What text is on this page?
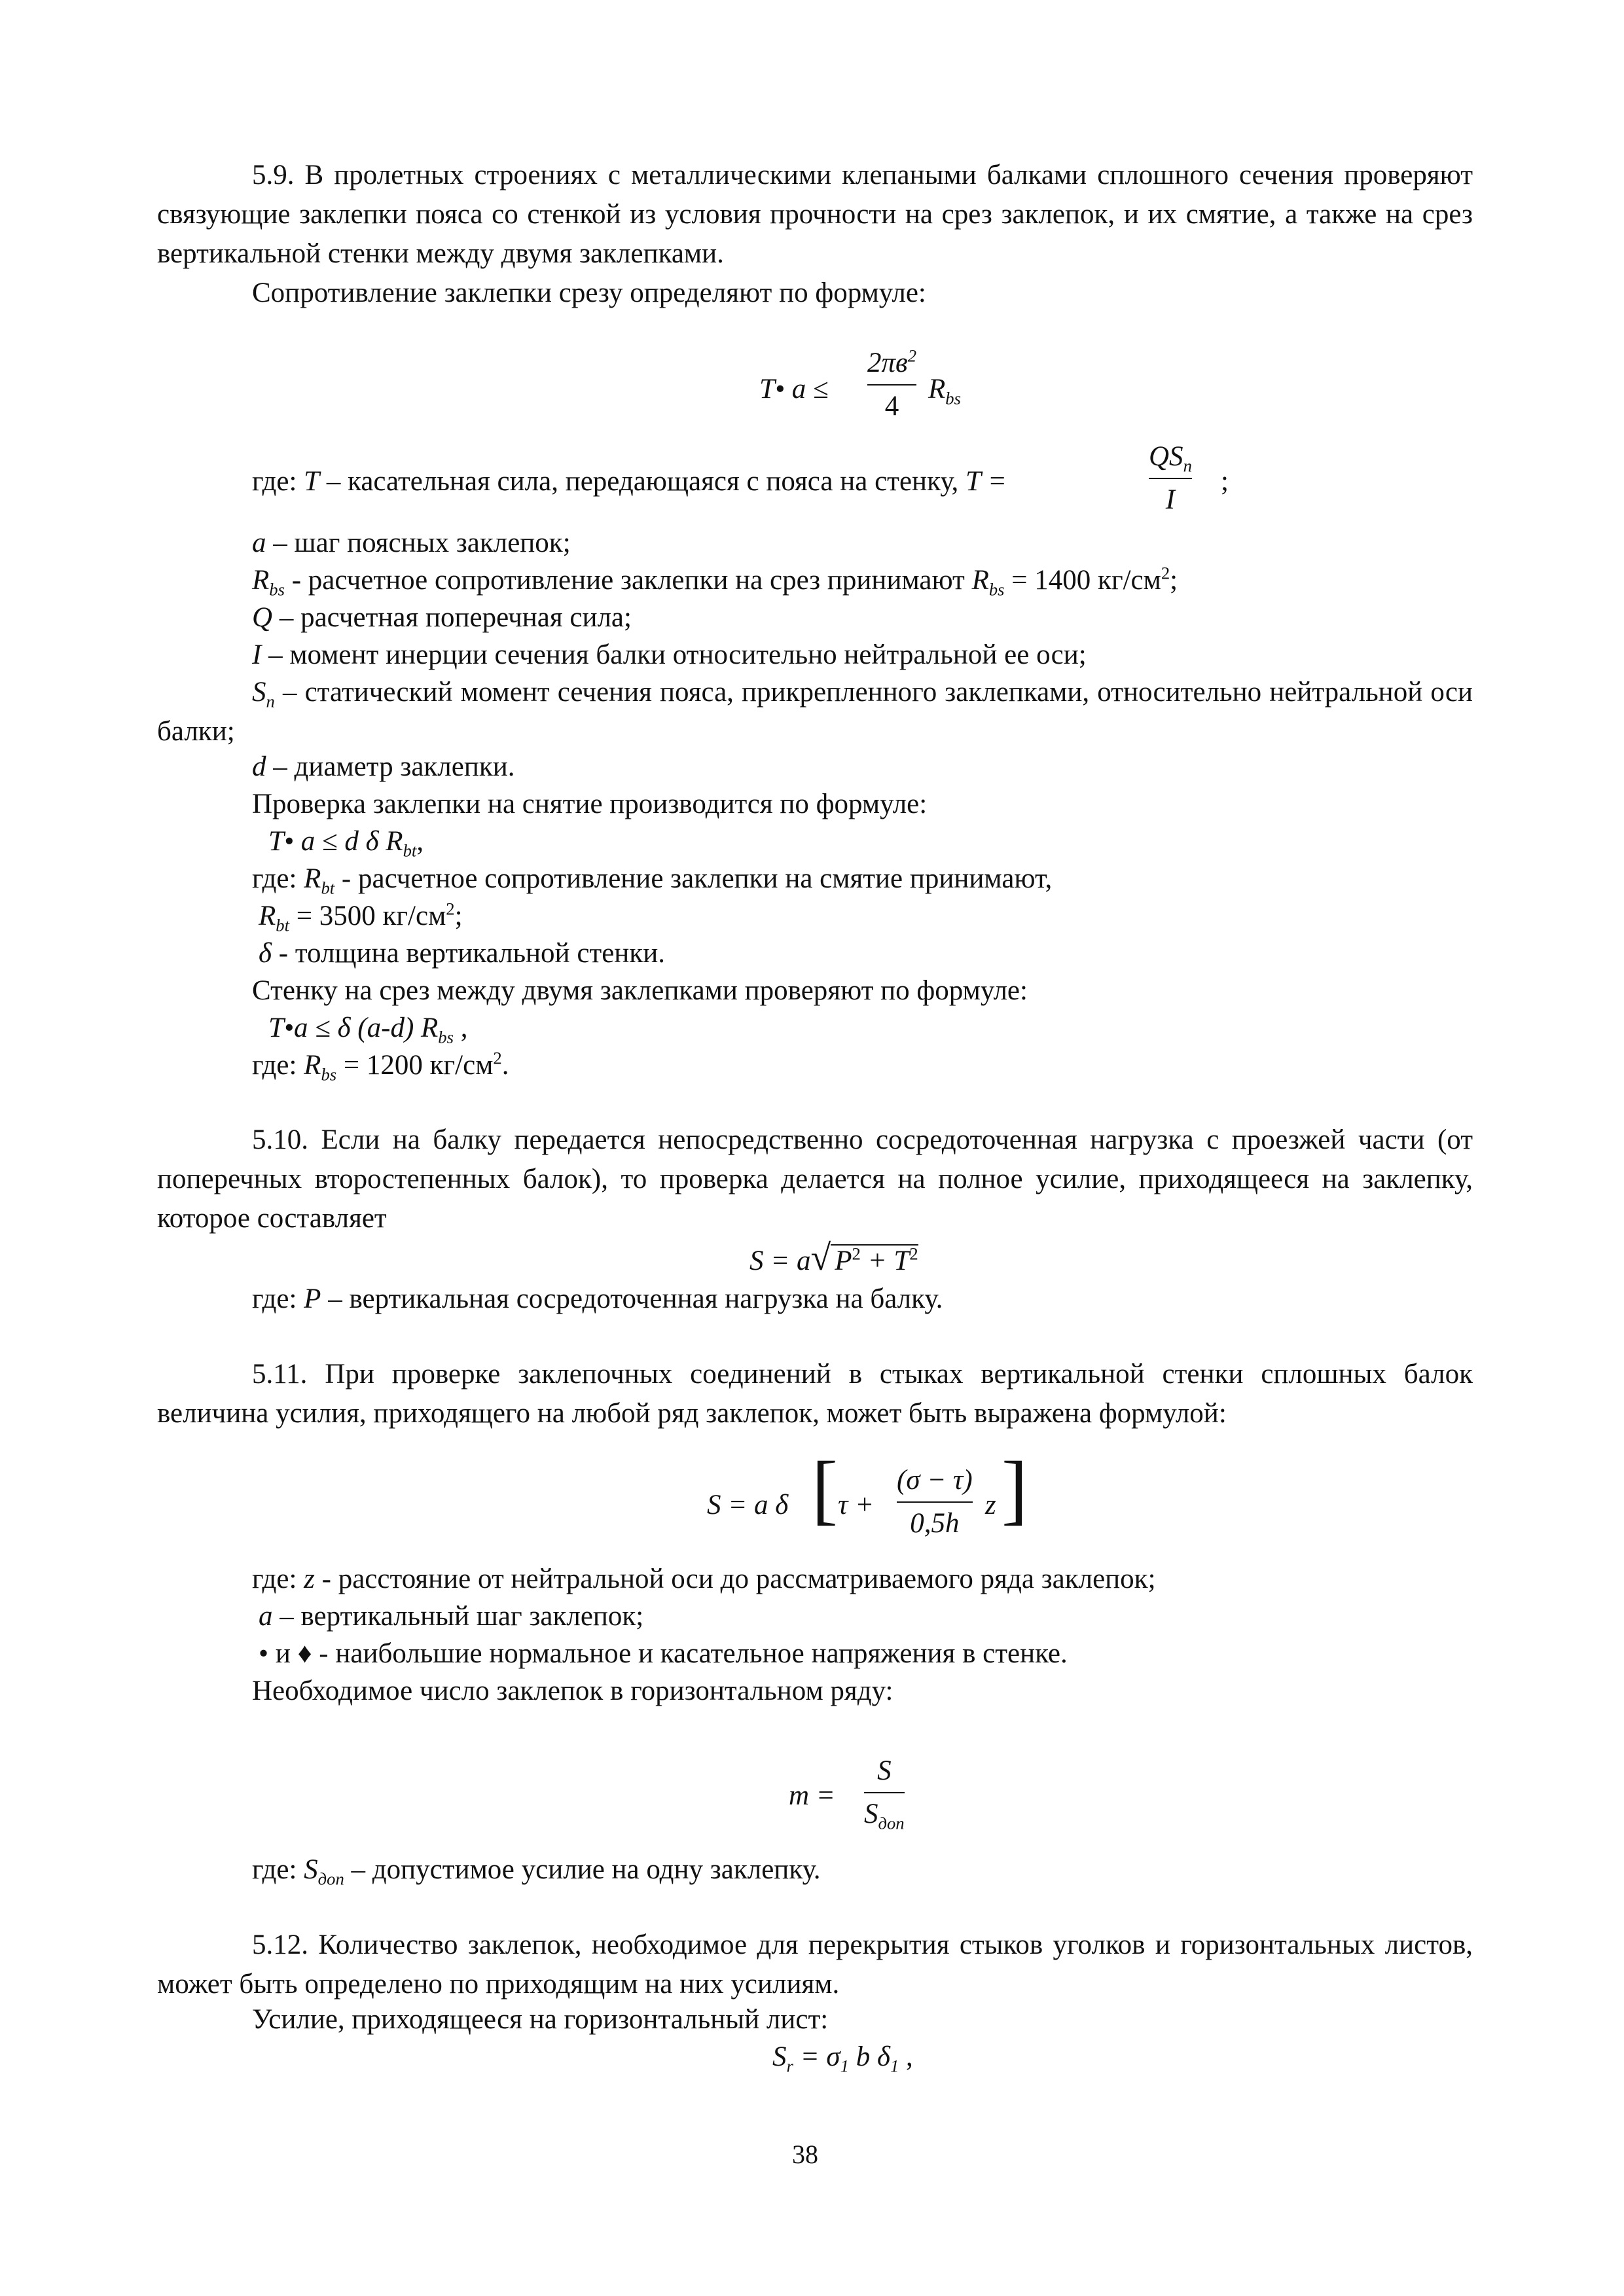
5.9. В пролетных строениях с металлическими клепаными балками сплошного сечения проверяют связующие заклепки пояса со стенкой из условия прочности на срез заклепок, и их смятие, а также на срез вертикальной стенки между двумя заклепками.
Сопротивление заклепки срезу определяют по формуле:
T• a ≤
$2\pi в^2$
4
$R_{bs}$
где: T – касательная сила, передающаяся с пояса на стенку, T =
$QS_n$
I
;
a – шаг поясных заклепок;
$R_{bs}$ - расчетное сопротивление заклепки на срез принимают $R_{bs} = 1400$ $кг/см^2$;
Q – расчетная поперечная сила;
I – момент инерции сечения балки относительно нейтральной ее оси;
$S_n$ – статический момент сечения пояса, прикрепленного заклепками, относительно нейтральной оси балки;
d – диаметр заклепки.
Проверка заклепки на снятие производится по формуле:
T• a ≤ d δ $R_{bt}$,
где: $R_{bt}$ - расчетное сопротивление заклепки на смятие принимают,
$R_{bt} = 3500$ $кг/см^2$;
δ - толщина вертикальной стенки.
Стенку на срез между двумя заклепками проверяют по формуле:
T•a ≤ δ (a-d) $R_{bs}$ ,
где: $R_{bs} = 1200$ $кг/см^2$.
5.10. Если на балку передается непосредственно сосредоточенная нагрузка с проезжей части (от поперечных второстепенных балок), то проверка делается на полное усилие, приходящееся на заклепку, которое составляет
S = a√ $P^2 + T^2$
где: P – вертикальная сосредоточенная нагрузка на балку.
5.11. При проверке заклепочных соединений в стыках вертикальной стенки сплошных балок величина усилия, приходящего на любой ряд заклепок, может быть выражена формулой:
S = a δ [ τ +
(σ − τ)
0,5h
z ]
где: z - расстояние от нейтральной оси до рассматриваемого ряда заклепок;
a – вертикальный шаг заклепок;
• и ♦ - наибольшие нормальное и касательное напряжения в стенке.
Необходимое число заклепок в горизонтальном ряду:
m =
S
$S_{доп}$
где: $S_{доп}$ – допустимое усилие на одну заклепку.
5.12. Количество заклепок, необходимое для перекрытия стыков уголков и горизонтальных листов, может быть определено по приходящим на них усилиям.
Усилие, приходящееся на горизонтальный лист:
$S_r = \sigma_1$ b $\delta_1$ ,
38
